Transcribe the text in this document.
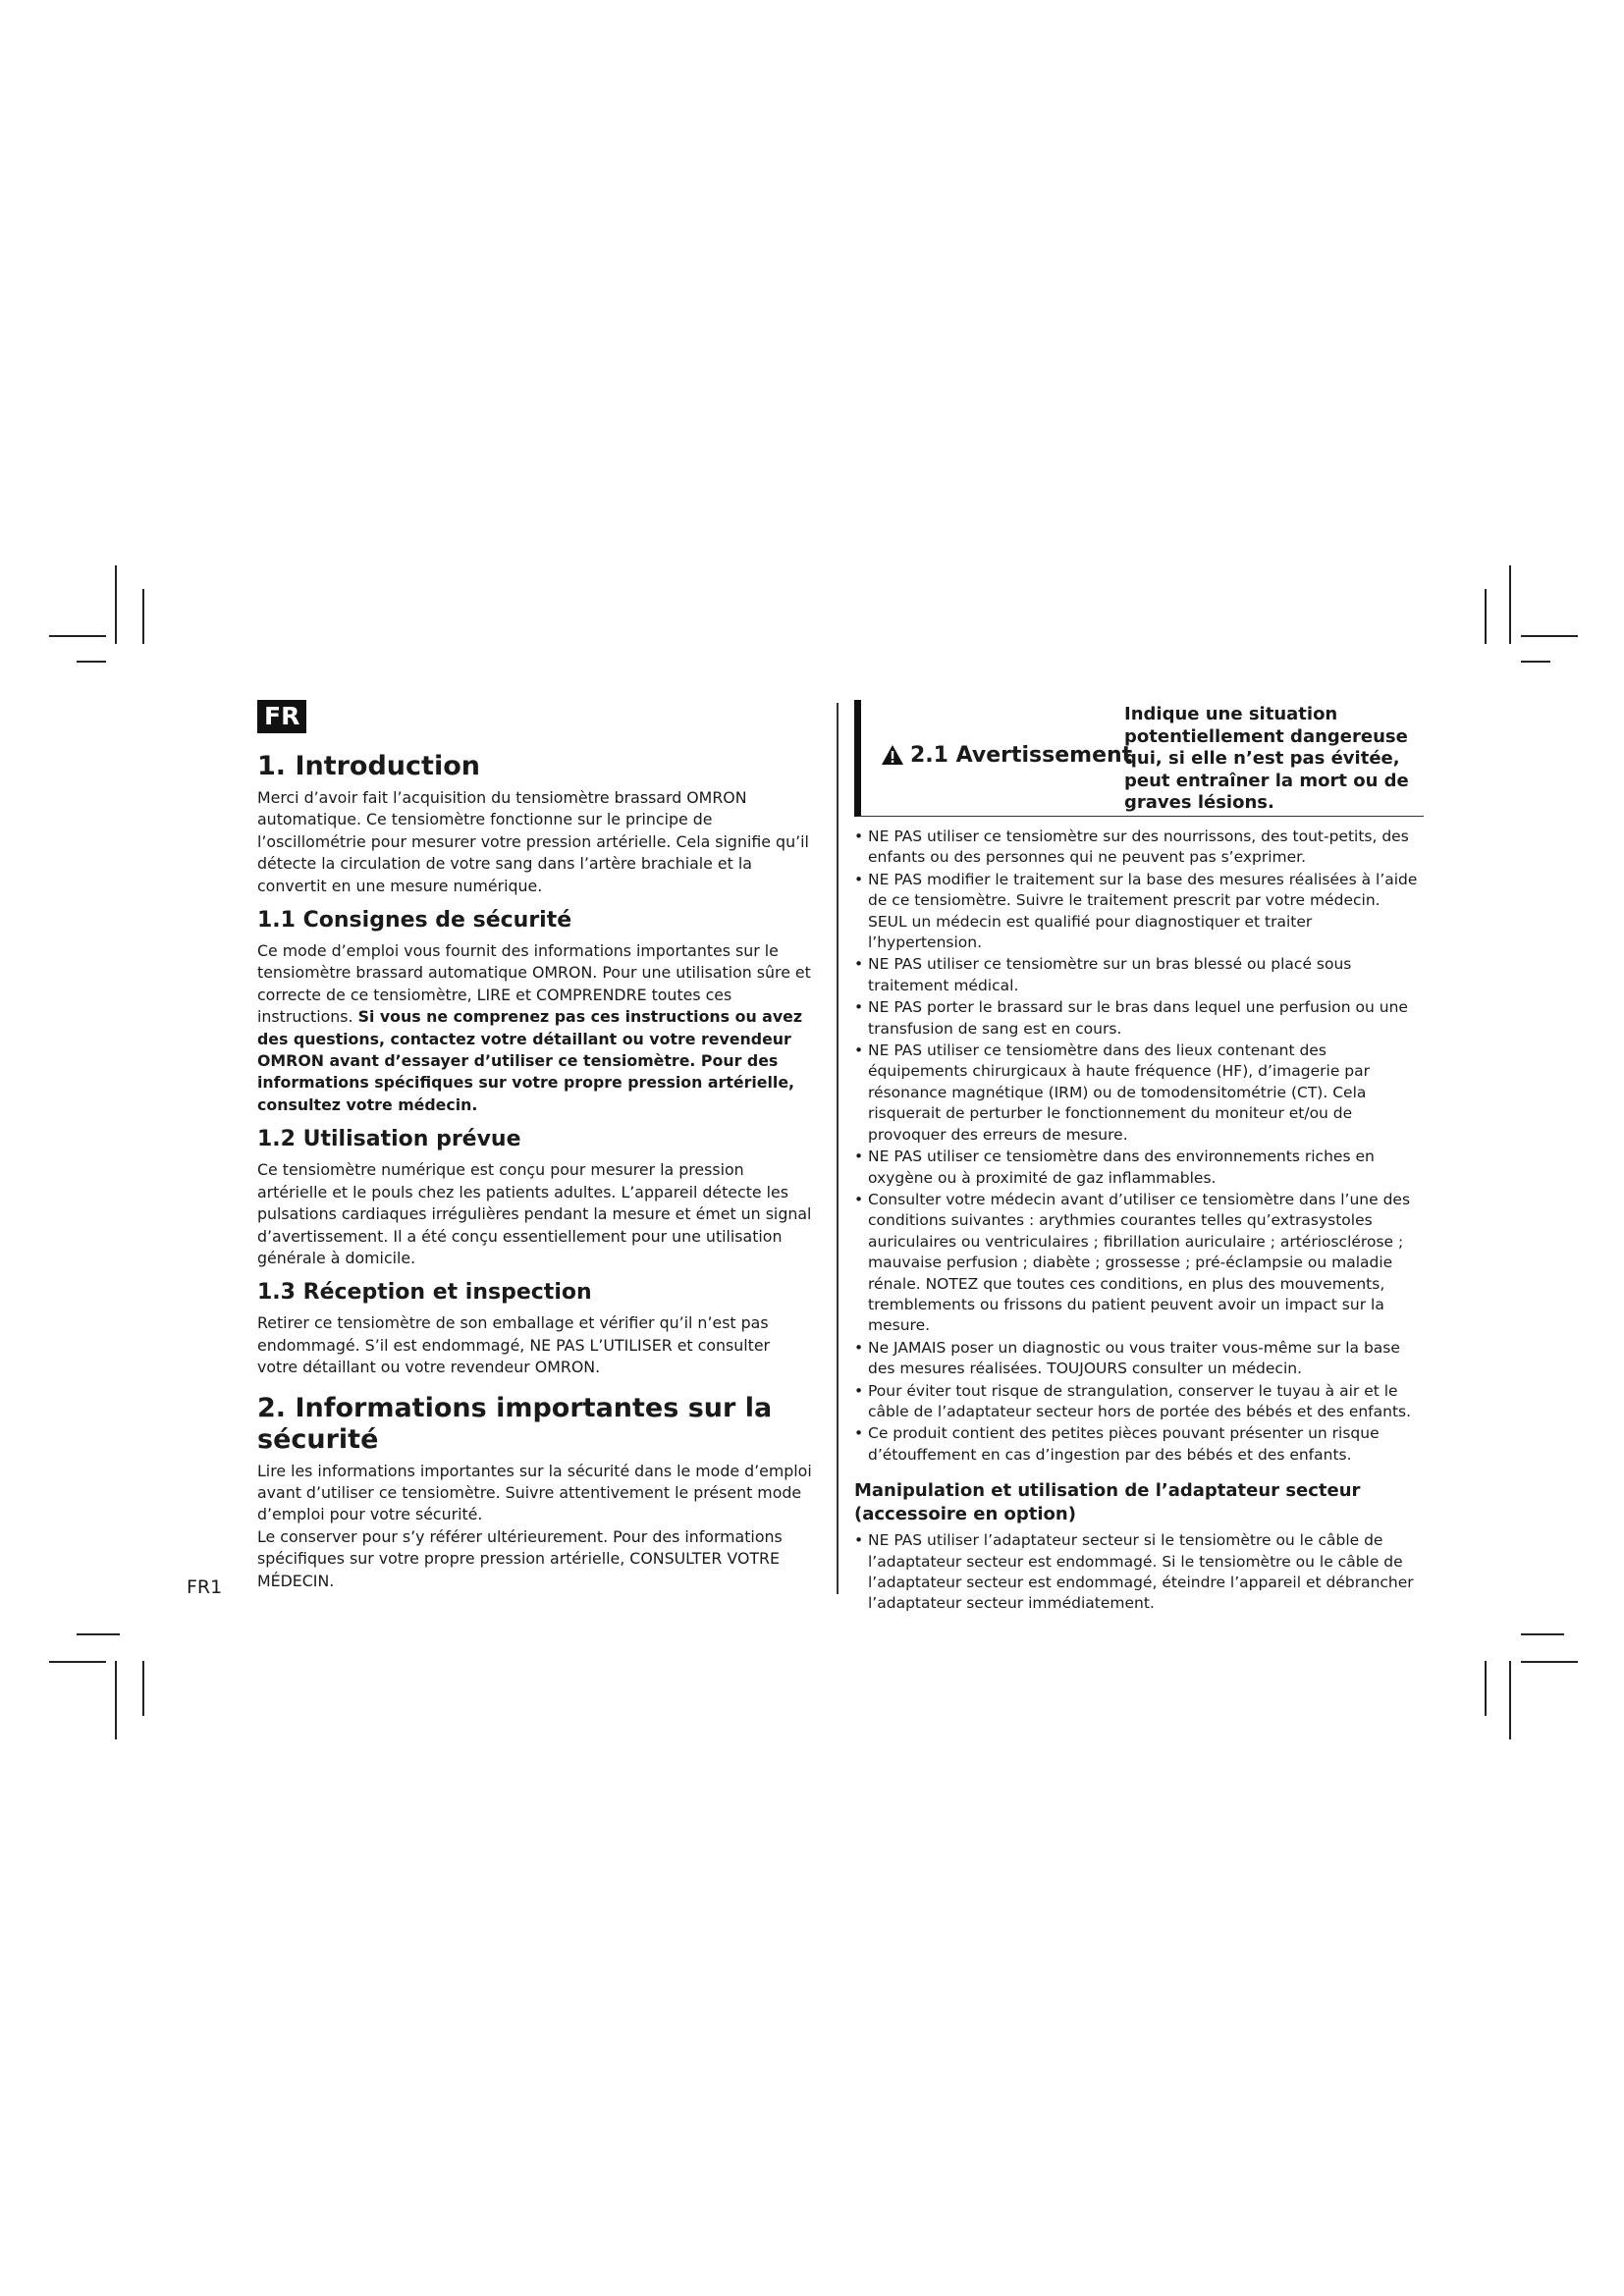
FR
1. Introduction

Merci d’avoir fait l’acquisition du tensiomètre brassard OMRON automatique. Ce tensiomètre fonctionne sur le principe de l’oscillométrie pour mesurer votre pression artérielle. Cela signifie qu’il détecte la circulation de votre sang dans l’artère brachiale et la convertit en une mesure numérique.

1.1 Consignes de sécurité

Ce mode d’emploi vous fournit des informations importantes sur le tensiomètre brassard automatique OMRON. Pour une utilisation sûre et correcte de ce tensiomètre, LIRE et COMPRENDRE toutes ces instructions. Si vous ne comprenez pas ces instructions ou avez des questions, contactez votre détaillant ou votre revendeur OMRON avant d’essayer d’utiliser ce tensiomètre. Pour des informations spécifiques sur votre propre pression artérielle, consultez votre médecin.

1.2 Utilisation prévue

Ce tensiomètre numérique est conçu pour mesurer la pression artérielle et le pouls chez les patients adultes. L’appareil détecte les pulsations cardiaques irrégulières pendant la mesure et émet un signal d’avertissement. Il a été conçu essentiellement pour une utilisation générale à domicile.

1.3 Réception et inspection

Retirer ce tensiomètre de son emballage et vérifier qu’il n’est pas endommagé. S’il est endommagé, NE PAS L’UTILISER et consulter votre détaillant ou votre revendeur OMRON.

2. Informations importantes sur la sécurité

Lire les informations importantes sur la sécurité dans le mode d’emploi avant d’utiliser ce tensiomètre. Suivre attentivement le présent mode d’emploi pour votre sécurité.

Le conserver pour s’y référer ultérieurement. Pour des informations spécifiques sur votre propre pression artérielle, CONSULTER VOTRE MÉDECIN.

FR1
2.1 Avertissement
Indique une situation potentiellement dangereuse qui, si elle n’est pas évitée, peut entraîner la mort ou de graves lésions.
• NE PAS utiliser ce tensiomètre sur des nourrissons, des tout-petits, des enfants ou des personnes qui ne peuvent pas s’exprimer.
• NE PAS modifier le traitement sur la base des mesures réalisées à l’aide de ce tensiomètre. Suivre le traitement prescrit par votre médecin. SEUL un médecin est qualifié pour diagnostiquer et traiter l’hypertension.
• NE PAS utiliser ce tensiomètre sur un bras blessé ou placé sous traitement médical.
• NE PAS porter le brassard sur le bras dans lequel une perfusion ou une transfusion de sang est en cours.
• NE PAS utiliser ce tensiomètre dans des lieux contenant des équipements chirurgicaux à haute fréquence (HF), d’imagerie par résonance magnétique (IRM) ou de tomodensitométrie (CT). Cela risquerait de perturber le fonctionnement du moniteur et/ou de provoquer des erreurs de mesure.
• NE PAS utiliser ce tensiomètre dans des environnements riches en oxygène ou à proximité de gaz inflammables.
• Consulter votre médecin avant d’utiliser ce tensiomètre dans l’une des conditions suivantes : arythmies courantes telles qu’extrasystoles auriculaires ou ventriculaires ; fibrillation auriculaire ; artériosclérose ; mauvaise perfusion ; diabète ; grossesse ; pré-éclampsie ou maladie rénale. NOTEZ que toutes ces conditions, en plus des mouvements, tremblements ou frissons du patient peuvent avoir un impact sur la mesure.
• Ne JAMAIS poser un diagnostic ou vous traiter vous-même sur la base des mesures réalisées. TOUJOURS consulter un médecin.
• Pour éviter tout risque de strangulation, conserver le tuyau à air et le câble de l’adaptateur secteur hors de portée des bébés et des enfants.
• Ce produit contient des petites pièces pouvant présenter un risque d’étouffement en cas d’ingestion par des bébés et des enfants.
Manipulation et utilisation de l’adaptateur secteur (accessoire en option)
• NE PAS utiliser l’adaptateur secteur si le tensiomètre ou le câble de l’adaptateur secteur est endommagé. Si le tensiomètre ou le câble de l’adaptateur secteur est endommagé, éteindre l’appareil et débrancher l’adaptateur secteur immédiatement.
